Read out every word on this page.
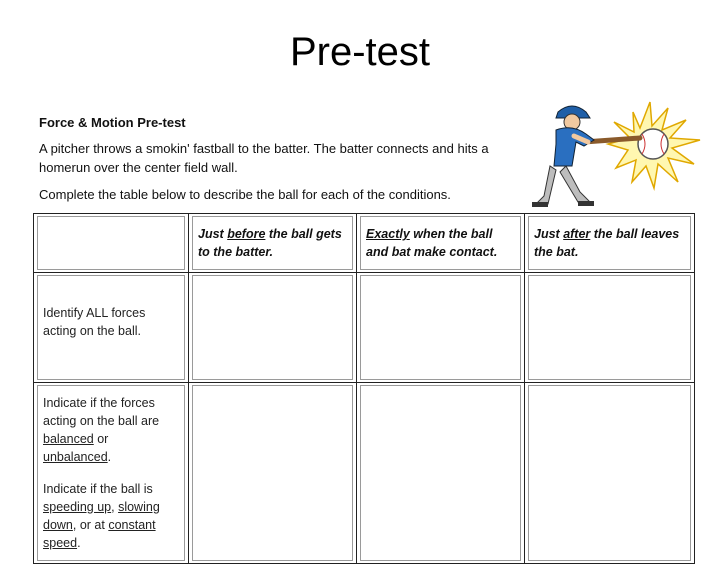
Pre-test
Force & Motion Pre-test
A pitcher throws a smokin' fastball to the batter. The batter connects and hits a homerun over the center field wall.
Complete the table below to describe the ball for each of the conditions.

	Just before the ball gets to the batter.	Exactly when the ball and bat make contact.	Just after the ball leaves the bat.

Identify ALL forces acting on the ball.			

Indicate if the forces acting on the ball are balanced or unbalanced.
Indicate if the ball is speeding up, slowing down, or at constant speed.			
